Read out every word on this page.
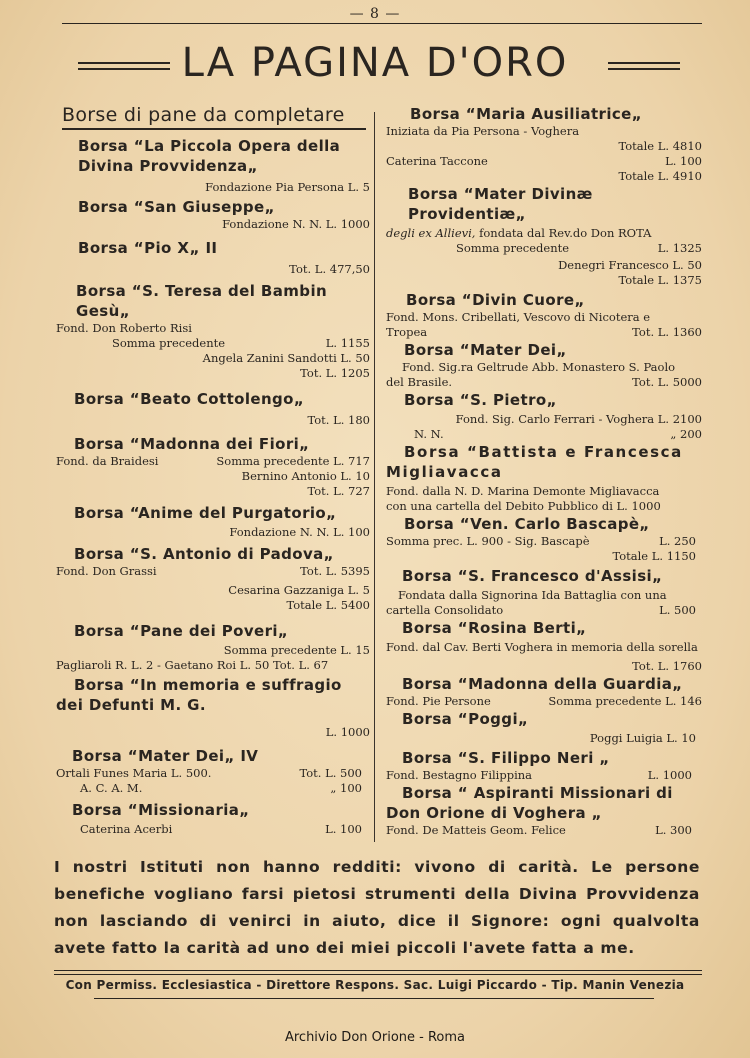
— 8 —
LA PAGINA D'ORO
Borse di pane da completare
Borsa “La Piccola Opera della Divina Provvidenza„
Fondazione Pia Persona L. 5
Borsa “San Giuseppe„
Fondazione N. N. L. 1000
Borsa “Pio X„ II
Tot. L. 477,50
Borsa “S. Teresa del Bambin Gesù„
Fond. Don Roberto Risi
Somma precedente	L. 1155
Angela Zanini Sandotti L. 50
Tot. L. 1205
Borsa “Beato Cottolengo„
Tot. L. 180
Borsa “Madonna dei Fiori„
Fond. da Braidesi	Somma precedente L. 717
Bernino Antonio L. 10
Tot. L. 727
Borsa “Anime del Purgatorio„
Fondazione N. N. L. 100
Borsa “S. Antonio di Padova„
Fond. Don Grassi	Tot. L. 5395
Cesarina Gazzaniga L. 5
Totale L. 5400
Borsa “Pane dei Poveri„
Somma precedente L. 15
Pagliaroli R. L. 2 - Gaetano Roi L. 50 Tot. L. 67
Borsa “In memoria e suffragio dei Defunti M. G.
L. 1000
Borsa “Mater Dei„ IV
Ortali Funes Maria L. 500.	Tot. L. 500
A. C. A. M.	„ 100
Borsa “Missionaria„
Caterina Acerbi	L. 100
Borsa “Maria Ausiliatrice„
Iniziata da Pia Persona - Voghera
Totale L. 4810
Caterina Taccone	L. 100
Totale L. 4910
Borsa “Mater Divinæ Providentiæ„
degli ex Allievi, fondata dal Rev.do Don ROTA
Somma precedente	L. 1325
Denegri Francesco L. 50
Totale L. 1375
Borsa “Divin Cuore„
Fond. Mons. Cribellati, Vescovo di Nicotera e
Tropea	Tot. L. 1360
Borsa “Mater Dei„
Fond. Sig.ra Geltrude Abb. Monastero S. Paolo
del Brasile.	Tot. L. 5000
Borsa “S. Pietro„
Fond. Sig. Carlo Ferrari - Voghera L. 2100
N. N.	„ 200
Borsa “Battista e Francesca Migliavacca
Fond. dalla N. D. Marina Demonte Migliavacca
con una cartella del Debito Pubblico di L. 1000
Borsa “Ven. Carlo Bascapè„
Somma prec. L. 900 - Sig. Bascapè	L. 250
Totale L. 1150
Borsa “S. Francesco d'Assisi„
Fondata dalla Signorina Ida Battaglia con una
cartella Consolidato	L. 500
Borsa “Rosina Berti„
Fond. dal Cav. Berti Voghera in memoria della sorella
Tot. L. 1760
Borsa “Madonna della Guardia„
Fond. Pie Persone	Somma precedente L. 146
Borsa “Poggi„
Poggi Luigia L. 10
Borsa “S. Filippo Neri „
Fond. Bestagno Filippina	L. 1000
Borsa “ Aspiranti Missionari di Don Orione di Voghera „
Fond. De Matteis Geom. Felice	L. 300
I nostri Istituti non hanno redditi: vivono di carità. Le persone benefiche vogliano farsi pietosi strumenti della Divina Provvidenza non lasciando di venirci in aiuto, dice il Signore: ogni qualvolta avete fatto la carità ad uno dei miei piccoli l'avete fatta a me.
Con Permiss. Ecclesiastica - Direttore Respons. Sac. Luigi Piccardo - Tip. Manin Venezia
Archivio Don Orione - Roma
